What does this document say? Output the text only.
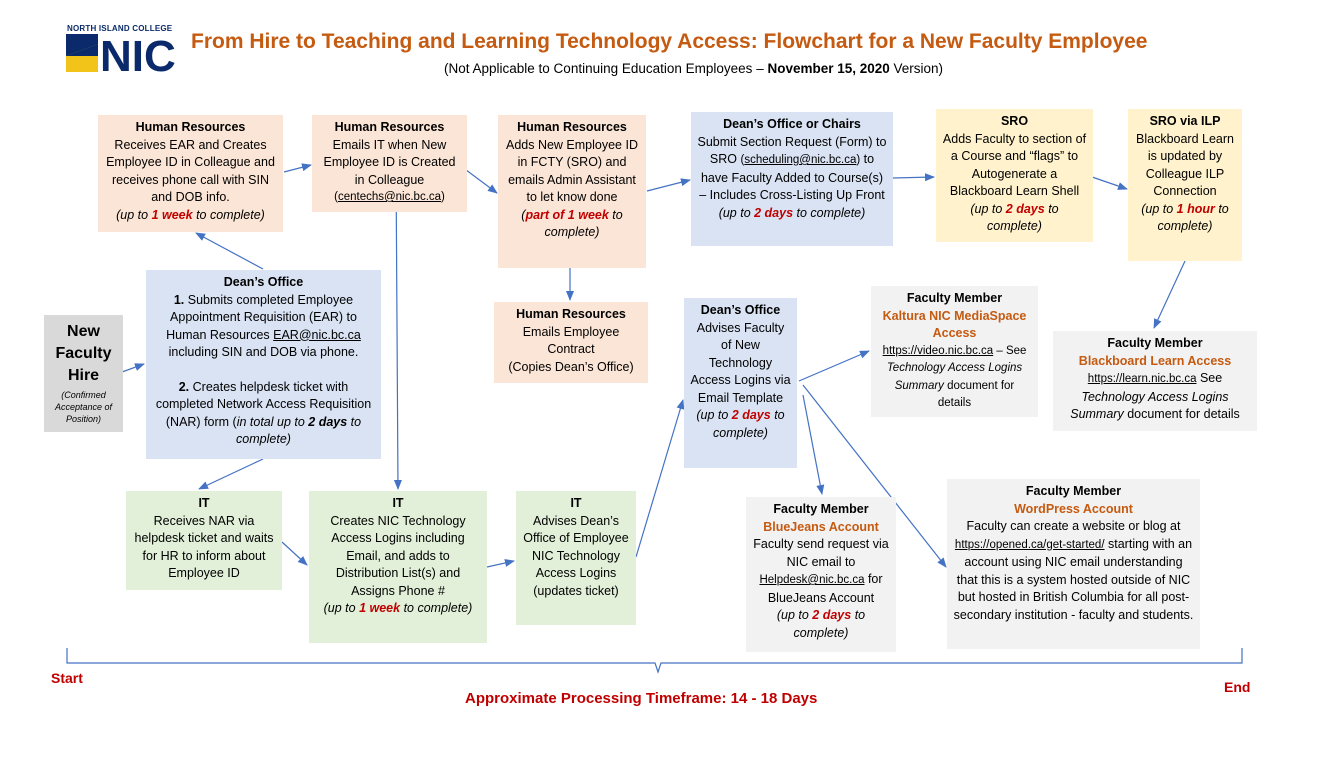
NORTH ISLAND COLLEGE
NIC From Hire to Teaching and Learning Technology Access: Flowchart for a New Faculty Employee
(Not Applicable to Continuing Education Employees – November 15, 2020 Version)
New Faculty Hire
(Confirmed Acceptance of Position)
Dean’s Office
1. Submits completed Employee Appointment Requisition (EAR) to Human Resources EAR@nic.bc.ca including SIN and DOB via phone.
2. Creates helpdesk ticket with completed Network Access Requisition (NAR) form (in total up to 2 days to complete)
Human Resources
Receives EAR and Creates Employee ID in Colleague and receives phone call with SIN and DOB info.
(up to 1 week to complete)
Human Resources
Emails IT when New Employee ID is Created in Colleague
(centechs@nic.bc.ca)
Human Resources
Adds New Employee ID in FCTY (SRO) and emails Admin Assistant to let know done
(part of 1 week to complete)
Human Resources
Emails Employee Contract
(Copies Dean’s Office)
Dean’s Office or Chairs
Submit Section Request (Form) to SRO (scheduling@nic.bc.ca) to have Faculty Added to Course(s) – Includes Cross-Listing Up Front
(up to 2 days to complete)
SRO
Adds Faculty to section of a Course and “flags” to Autogenerate a Blackboard Learn Shell
(up to 2 days to complete)
SRO via ILP
Blackboard Learn is updated by Colleague ILP Connection
(up to 1 hour to complete)
IT
Receives NAR via helpdesk ticket and waits for HR to inform about Employee ID
IT
Creates NIC Technology Access Logins including Email, and adds to Distribution List(s) and Assigns Phone #
(up to 1 week to complete)
IT
Advises Dean’s Office of Employee NIC Technology Access Logins (updates ticket)
Dean’s Office
Advises Faculty of New Technology Access Logins via Email Template
(up to 2 days to complete)
Faculty Member
Kaltura NIC MediaSpace Access
https://video.nic.bc.ca – See Technology Access Logins Summary document for details
Faculty Member
Blackboard Learn Access
https://learn.nic.bc.ca See Technology Access Logins Summary document for details
Faculty Member
BlueJeans Account
Faculty send request via NIC email to Helpdesk@nic.bc.ca for BlueJeans Account
(up to 2 days to complete)
Faculty Member
WordPress Account
Faculty can create a website or blog at https://opened.ca/get-started/ starting with an account using NIC email understanding that this is a system hosted outside of NIC but hosted in British Columbia for all post-secondary institution - faculty and students.
Start
End
Approximate Processing Timeframe: 14 - 18 Days
